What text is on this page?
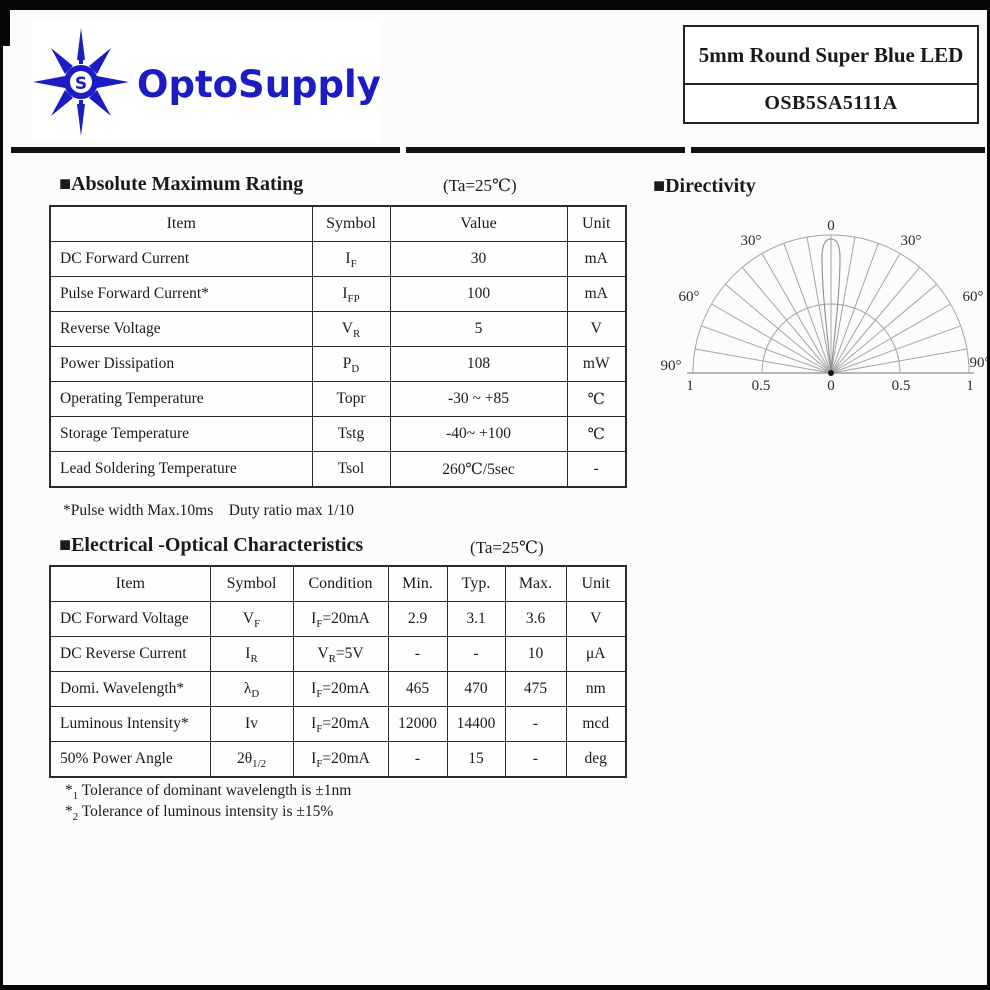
S OptoSupply
5mm Round Super Blue LED
OSB5SA5111A
■Absolute Maximum Rating	(Ta=25℃)
Item	Symbol	Value	Unit
DC Forward Current	$I_F$	30	mA
Pulse Forward Current*	$I_{FP}$	100	mA
Reverse Voltage	$V_R$	5	V
Power Dissipation	$P_D$	108	mW
Operating Temperature	Topr	-30 ~ +85	℃
Storage Temperature	Tstg	-40~ +100	℃
Lead Soldering Temperature	Tsol	260℃/5sec	-
*Pulse width Max.10ms    Duty ratio max 1/10
■Electrical -Optical Characteristics	(Ta=25℃)
Item	Symbol	Condition	Min.	Typ.	Max.	Unit
DC Forward Voltage	$V_F$	$I_F=20mA$	2.9	3.1	3.6	V
DC Reverse Current	$I_R$	$V_R=5V$	-	-	10	μA
Domi. Wavelength*	$\lambda_D$	$I_F=20mA$	465	470	475	nm
Luminous Intensity*	Iv	$I_F=20mA$	12000	14400	-	mcd
50% Power Angle	$2\theta_{1/2}$	$I_F=20mA$	-	15	-	deg
$*_1$ Tolerance of dominant wavelength is ±1nm
$*_2$ Tolerance of luminous intensity is ±15%
■Directivity
0
30°	30°
60°	60°
90°	90°
1	0.5	0	0.5	1
